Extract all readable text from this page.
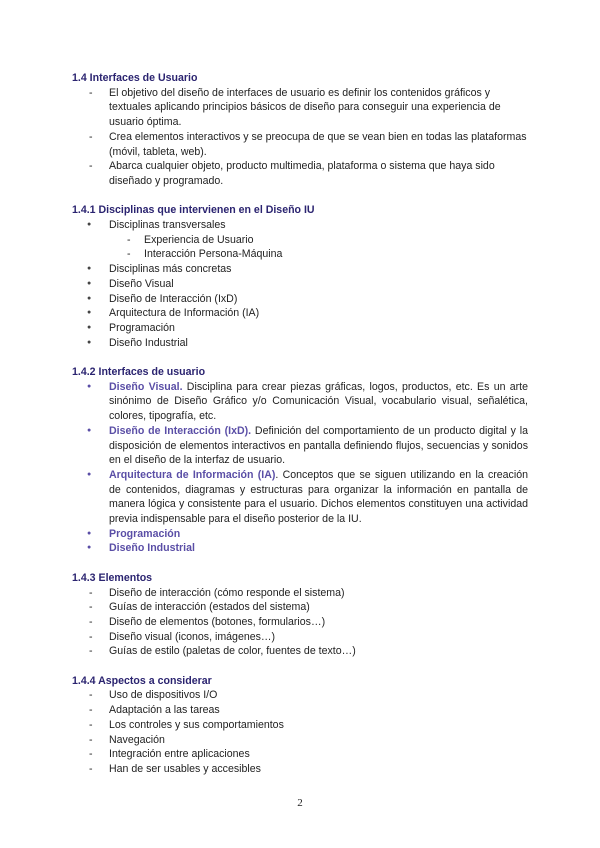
1.4 Interfaces de Usuario
- El objetivo del diseño de interfaces de usuario es definir los contenidos gráficos y textuales aplicando principios básicos de diseño para conseguir una experiencia de usuario óptima.
- Crea elementos interactivos y se preocupa de que se vean bien en todas las plataformas (móvil, tableta, web).
- Abarca cualquier objeto, producto multimedia, plataforma o sistema que haya sido diseñado y programado.
1.4.1 Disciplinas que intervienen en el Diseño IU
● Disciplinas transversales
- Experiencia de Usuario
- Interacción Persona-Máquina
● Disciplinas más concretas
● Diseño Visual
● Diseño de Interacción (IxD)
● Arquitectura de Información (IA)
● Programación
● Diseño Industrial
1.4.2 Interfaces de usuario
● Diseño Visual. Disciplina para crear piezas gráficas, logos, productos, etc. Es un arte sinónimo de Diseño Gráfico y/o Comunicación Visual, vocabulario visual, señalética, colores, tipografía, etc.
● Diseño de Interacción (IxD). Definición del comportamiento de un producto digital y la disposición de elementos interactivos en pantalla definiendo flujos, secuencias y sonidos en el diseño de la interfaz de usuario.
● Arquitectura de Información (IA). Conceptos que se siguen utilizando en la creación de contenidos, diagramas y estructuras para organizar la información en pantalla de manera lógica y consistente para el usuario. Dichos elementos constituyen una actividad previa indispensable para el diseño posterior de la IU.
● Programación
● Diseño Industrial
1.4.3 Elementos
- Diseño de interacción (cómo responde el sistema)
- Guías de interacción (estados del sistema)
- Diseño de elementos (botones, formularios…)
- Diseño visual (iconos, imágenes…)
- Guías de estilo (paletas de color, fuentes de texto…)
1.4.4 Aspectos a considerar
- Uso de dispositivos I/O
- Adaptación a las tareas
- Los controles y sus comportamientos
- Navegación
- Integración entre aplicaciones
- Han de ser usables y accesibles
2
